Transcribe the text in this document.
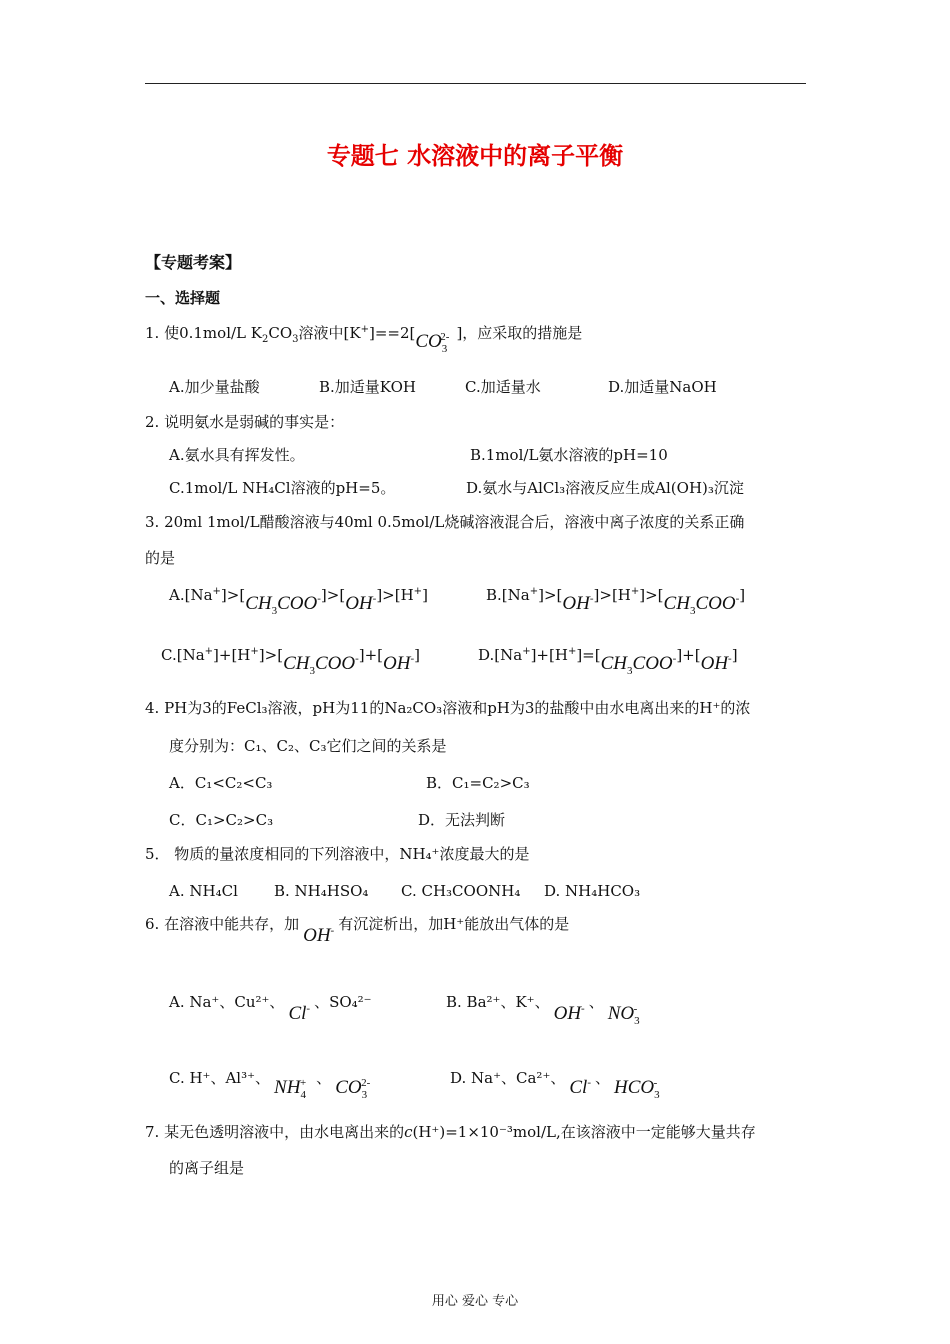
专题七 水溶液中的离子平衡
【专题考案】
一、选择题
1. 使0.1mol/L $K_2CO_3$溶液中$[K^+]==2[CO_3^{2-}$ ]，应采取的措施是
A.加少量盐酸	B.加适量KOH	C.加适量水	D.加适量NaOH
2. 说明氨水是弱碱的事实是：
A.氨水具有挥发性。	B.1mol/L氨水溶液的pH=10
C.1mol/L NH₄Cl溶液的pH=5。	D.氨水与AlCl₃溶液反应生成Al(OH)₃沉淀
3. 20ml 1mol/L醋酸溶液与40ml 0.5mol/L烧碱溶液混合后，溶液中离子浓度的关系正确
的是
$A.[Na^+]>[CH_3COO^-]>[OH^-]>[H^+]$	$B.[Na^+]>[OH^-]>[H^+]>[CH_3COO^-]$
$C.[Na^+]+[H^+]>[CH_3COO^-]+[OH^-]$	$D.[Na^+]+[H^+]=[CH_3COO^-]+[OH^-]$
4. PH为3的FeCl₃溶液，pH为11的Na₂CO₃溶液和pH为3的盐酸中由水电离出来的H⁺的浓
度分别为：C₁、C₂、C₃它们之间的关系是
A．C₁<C₂<C₃	B．C₁=C₂>C₃
C．C₁>C₂>C₃	D．无法判断
5． 物质的量浓度相同的下列溶液中，NH₄⁺浓度最大的是
A. NH₄Cl B. NH₄HSO₄ C. CH₃COONH₄ D. NH₄HCO₃
6. 在溶液中能共存，加OH- 有沉淀析出，加H⁺能放出气体的是
A. Na⁺、Cu²⁺、Cl- 、SO₄²⁻	B. Ba²⁺、K⁺、OH- 、$NO_3^-$
C. H⁺、Al³⁺、 $NH_4^+$ 、 $CO_3^{2-}$	D. Na⁺、Ca²⁺、 Cl- 、 $HCO_3^-$
7. 某无色透明溶液中，由水电离出来的c(H⁺)=1×10⁻³mol/L,在该溶液中一定能够大量共存
的离子组是
用心 爱心 专心
